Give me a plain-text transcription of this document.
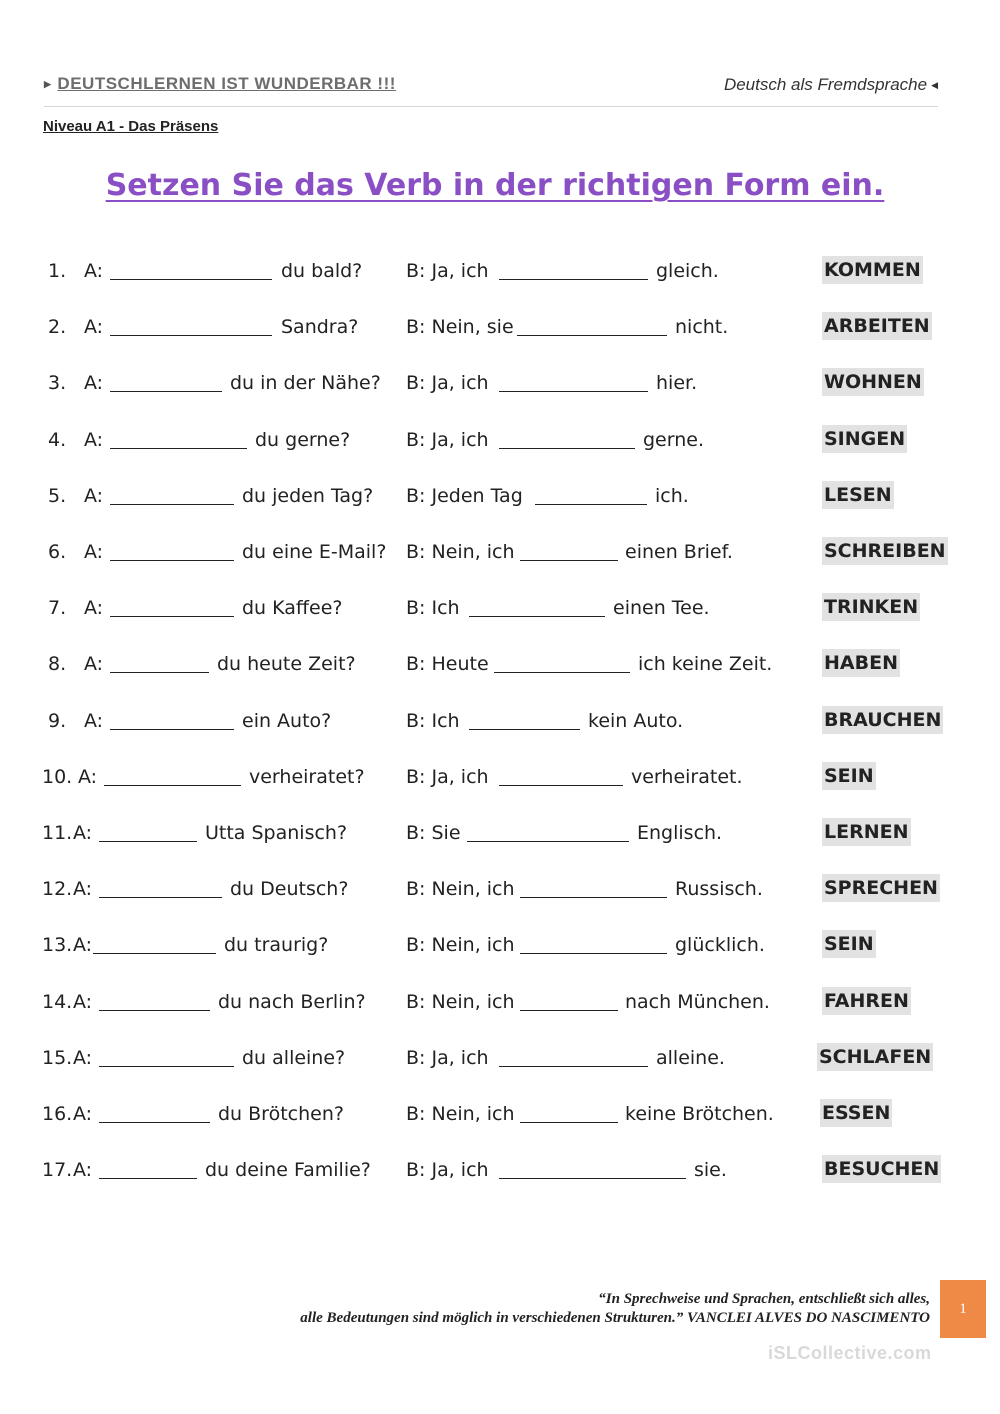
▶ DEUTSCHLERNEN IST WUNDERBAR !!!	Deutsch als Fremdsprache ◀
Niveau A1 - Das Präsens
Setzen Sie das Verb in der richtigen Form ein.
1. A:	du bald? B: Ja, ich	gleich.	KOMMEN
2. A:	Sandra?	B: Nein, sie	nicht.	ARBEITEN
3. A:	du in der Nähe? B: Ja, ich	hier.	WOHNEN
4. A:	du gerne?	B: Ja, ich	gerne.	SINGEN
5. A:	du jeden Tag? B: Jeden Tag	ich.	LESEN
6. A:	du eine E-Mail? B: Nein, ich	einen Brief.	SCHREIBEN
7. A:	du Kaffee?	B: Ich	einen Tee.	TRINKEN
8. A:	du heute Zeit?	B: Heute	ich keine Zeit.	HABEN
9. A:	ein Auto?	B: Ich	kein Auto.	BRAUCHEN
10. A:	verheiratet? B: Ja, ich	verheiratet.	SEIN
11. A:	Utta Spanisch?	B: Sie	Englisch.	LERNEN
12. A:	du Deutsch?	B: Nein, ich	Russisch.	SPRECHEN
13. A:	du traurig?	B: Nein, ich	glücklich.	SEIN
14. A:	du nach Berlin? B: Nein, ich	nach München.	FAHREN
15. A:	du alleine?	B: Ja, ich	alleine.	SCHLAFEN
16. A:	du Brötchen?	B: Nein, ich	keine Brötchen.	ESSEN
17. A:	du deine Familie? B: Ja, ich	sie.	BESUCHEN
“In Sprechweise und Sprachen, entschließt sich alles,
alle Bedeutungen sind möglich in verschiedenen Strukturen.” VANCLEI ALVES DO NASCIMENTO
1
iSLCollective.com
